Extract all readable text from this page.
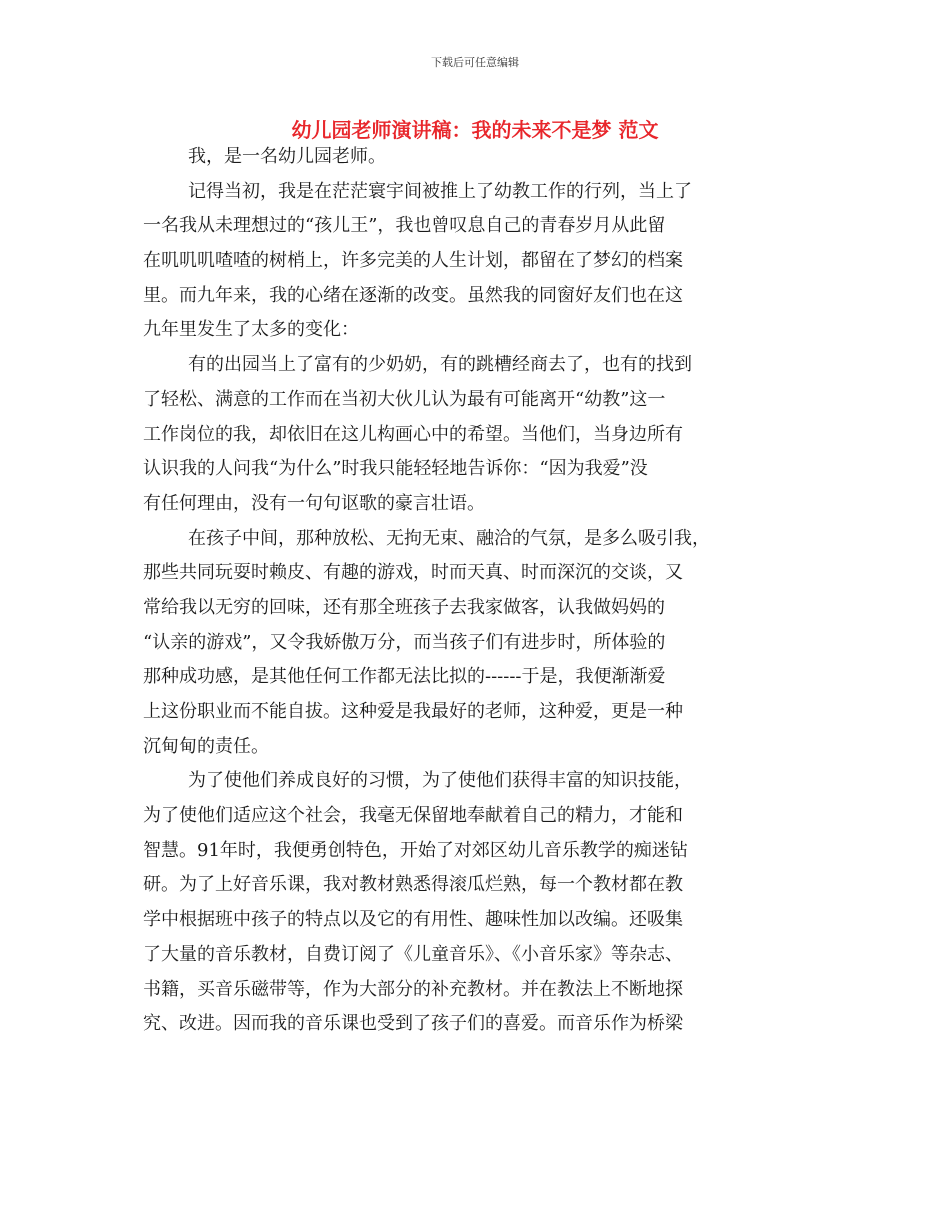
下载后可任意编辑
幼儿园老师演讲稿：我的未来不是梦 范文
我，是一名幼儿园老师。
记得当初，我是在茫茫寰宇间被推上了幼教工作的行列，当上了
一名我从未理想过的“孩儿王”，我也曾叹息自己的青春岁月从此留
在叽叽叽喳喳的树梢上，许多完美的人生计划，都留在了梦幻的档案
里。而九年来，我的心绪在逐渐的改变。虽然我的同窗好友们也在这
九年里发生了太多的变化：
有的出园当上了富有的少奶奶，有的跳槽经商去了，也有的找到
了轻松、满意的工作而在当初大伙儿认为最有可能离开“幼教”这一
工作岗位的我，却依旧在这儿构画心中的希望。当他们，当身边所有
认识我的人问我“为什么”时我只能轻轻地告诉你：“因为我爱”没
有任何理由，没有一句句讴歌的豪言壮语。
在孩子中间，那种放松、无拘无束、融洽的气氛，是多么吸引我，
那些共同玩耍时赖皮、有趣的游戏，时而天真、时而深沉的交谈，又
常给我以无穷的回味，还有那全班孩子去我家做客，认我做妈妈的
“认亲的游戏”，又令我娇傲万分，而当孩子们有进步时，所体验的
那种成功感，是其他任何工作都无法比拟的------于是，我便渐渐爱
上这份职业而不能自拔。这种爱是我最好的老师，这种爱，更是一种
沉甸甸的责任。
为了使他们养成良好的习惯，为了使他们获得丰富的知识技能，
为了使他们适应这个社会，我毫无保留地奉献着自己的精力，才能和
智慧。91年时，我便勇创特色，开始了对郊区幼儿音乐教学的痴迷钻
研。为了上好音乐课，我对教材熟悉得滚瓜烂熟，每一个教材都在教
学中根据班中孩子的特点以及它的有用性、趣味性加以改编。还吸集
了大量的音乐教材，自费订阅了《儿童音乐》、《小音乐家》等杂志、
书籍，买音乐磁带等，作为大部分的补充教材。并在教法上不断地探
究、改进。因而我的音乐课也受到了孩子们的喜爱。而音乐作为桥梁
